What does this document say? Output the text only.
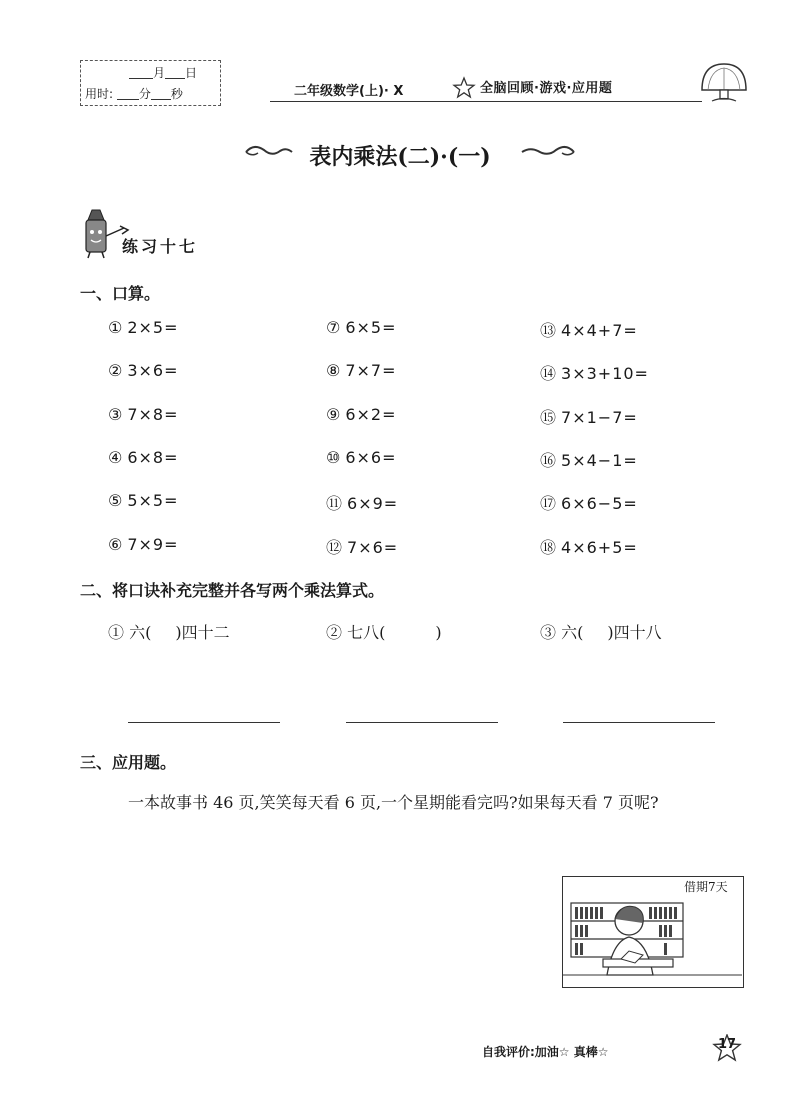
月 日
用时: 分 秒	二年级数学(上)· X	全脑回顾·游戏·应用题
表内乘法(二)·(一)
练习十七
一、口算。
① 2×5=
② 3×6=
③ 7×8=
④ 6×8=
⑤ 5×5=
⑥ 7×9=
⑦ 6×5=
⑧ 7×7=
⑨ 6×2=
⑩ 6×6=
⑪ 6×9=
⑫ 7×6=
⑬ 4×4+7=
⑭ 3×3+10=
⑮ 7×1−7=
⑯ 5×4−1=
⑰ 6×6−5=
⑱ 4×6+5=
二、将口诀补充完整并各写两个乘法算式。
① 六( )四十二	② 七八(	)	③ 六( )四十八
三、应用题。
一本故事书 46 页,笑笑每天看 6 页,一个星期能看完吗?如果每天看 7 页呢?
借期7天
自我评价:加油☆ 真棒☆	17
